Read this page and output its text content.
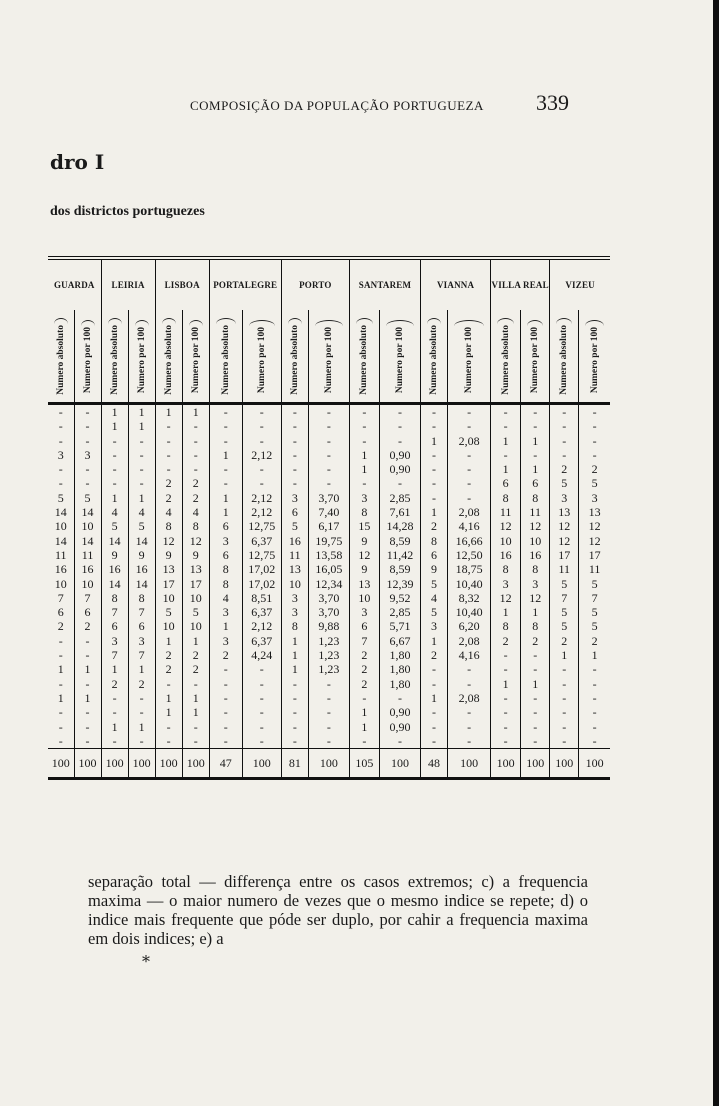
COMPOSIÇÃO DA POPULAÇÃO PORTUGUEZA 339
dro I
dos districtos portuguezes
GUARDA		LEIRIA		LISBOA		PORTALEGRE		PORTO		SANTAREM		VIANNA		VILLA REAL		VIZEU	

Numero absoluto	Numero por 100	Numero absoluto	Numero por 100	Numero absoluto	Numero por 100	Numero absoluto	Numero por 100	Numero absoluto	Numero por 100	Numero absoluto	Numero por 100	Numero absoluto	Numero por 100	Numero absoluto	Numero por 100	Numero absoluto	Numero por 100
-	-	1	1	1	1	-	-	-	-	-	-	-	-	-	-	-	-
-	-	1	1	-	-	-	-	-	-	-	-	-	-	-	-	-	-
-	-	-	-	-	-	-	-	-	-	-	-	1	2,08	1	1	-	-
3	3	-	-	-	-	1	2,12	-	-	1	0,90	-	-	-	-	-	-
-	-	-	-	-	-	-	-	-	-	1	0,90	-	-	1	1	2	2
-	-	-	-	2	2	-	-	-	-	-	-	-	-	6	6	5	5
5	5	1	1	2	2	1	2,12	3	3,70	3	2,85	-	-	8	8	3	3
14	14	4	4	4	4	1	2,12	6	7,40	8	7,61	1	2,08	11	11	13	13
10	10	5	5	8	8	6	12,75	5	6,17	15	14,28	2	4,16	12	12	12	12
14	14	14	14	12	12	3	6,37	16	19,75	9	8,59	8	16,66	10	10	12	12
11	11	9	9	9	9	6	12,75	11	13,58	12	11,42	6	12,50	16	16	17	17
16	16	16	16	13	13	8	17,02	13	16,05	9	8,59	9	18,75	8	8	11	11
10	10	14	14	17	17	8	17,02	10	12,34	13	12,39	5	10,40	3	3	5	5
7	7	8	8	10	10	4	8,51	3	3,70	10	9,52	4	8,32	12	12	7	7
6	6	7	7	5	5	3	6,37	3	3,70	3	2,85	5	10,40	1	1	5	5
2	2	6	6	10	10	1	2,12	8	9,88	6	5,71	3	6,20	8	8	5	5
-	-	3	3	1	1	3	6,37	1	1,23	7	6,67	1	2,08	2	2	2	2
-	-	7	7	2	2	2	4,24	1	1,23	2	1,80	2	4,16	-	-	1	1
1	1	1	1	2	2	-	-	1	1,23	2	1,80	-	-	-	-	-	-
-	-	2	2	-	-	-	-	-	-	2	1,80	-	-	1	1	-	-
1	1	-	-	1	1	-	-	-	-	-	-	1	2,08	-	-	-	-
-	-	-	-	1	1	-	-	-	-	1	0,90	-	-	-	-	-	-
-	-	1	1	-	-	-	-	-	-	1	0,90	-	-	-	-	-	-
-	-	-	-	-	-	-	-	-	-	-	-	-	-	-	-	-	-
100	100	100	100	100	100	47	100	81	100	105	100	48	100	100	100	100	100
separação total — differença entre os casos extremos; c) a frequencia maxima — o maior numero de vezes que o mesmo indice se repete; d) o indice mais frequente que póde ser duplo, por cahir a frequencia maxima em dois indices; e) a
*
